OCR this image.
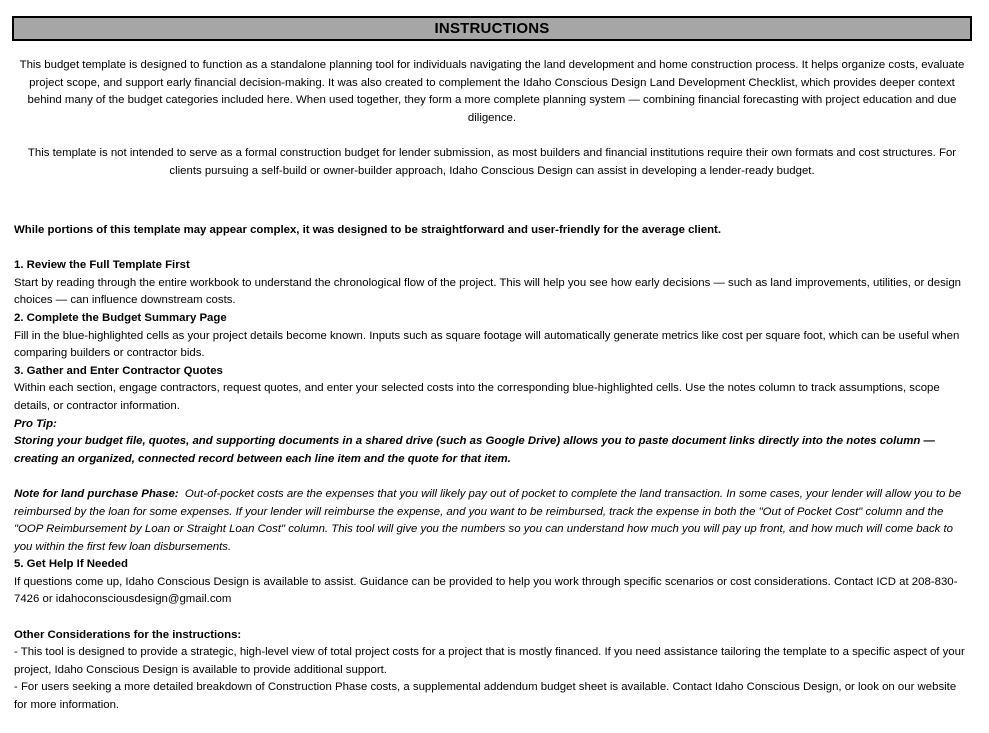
INSTRUCTIONS
This budget template is designed to function as a standalone planning tool for individuals navigating the land development and home construction process. It helps organize costs, evaluate project scope, and support early financial decision-making. It was also created to complement the Idaho Conscious Design Land Development Checklist, which provides deeper context behind many of the budget categories included here. When used together, they form a more complete planning system — combining financial forecasting with project education and due diligence.
This template is not intended to serve as a formal construction budget for lender submission, as most builders and financial institutions require their own formats and cost structures. For clients pursuing a self-build or owner-builder approach, Idaho Conscious Design can assist in developing a lender-ready budget.

While portions of this template may appear complex, it was designed to be straightforward and user-friendly for the average client.

1. Review the Full Template First

Start by reading through the entire workbook to understand the chronological flow of the project. This will help you see how early decisions — such as land improvements, utilities, or design choices — can influence downstream costs.

2. Complete the Budget Summary Page

Fill in the blue-highlighted cells as your project details become known. Inputs such as square footage will automatically generate metrics like cost per square foot, which can be useful when comparing builders or contractor bids.

3. Gather and Enter Contractor Quotes

Within each section, engage contractors, request quotes, and enter your selected costs into the corresponding blue-highlighted cells. Use the notes column to track assumptions, scope details, or contractor information.

Pro Tip:

Storing your budget file, quotes, and supporting documents in a shared drive (such as Google Drive) allows you to paste document links directly into the notes column — creating an organized, connected record between each line item and the quote for that item.

Note for land purchase Phase: Out-of-pocket costs are the expenses that you will likely pay out of pocket to complete the land transaction. In some cases, your lender will allow you to be reimbursed by the loan for some expenses. If your lender will reimburse the expense, and you want to be reimbursed, track the expense in both the "Out of Pocket Cost" column and the "OOP Reimbursement by Loan or Straight Loan Cost" column. This tool will give you the numbers so you can understand how much you will pay up front, and how much will come back to you within the first few loan disbursements.

5. Get Help If Needed

If questions come up, Idaho Conscious Design is available to assist. Guidance can be provided to help you work through specific scenarios or cost considerations. Contact ICD at 208-830-7426 or idahoconsciousdesign@gmail.com

Other Considerations for the instructions:

- This tool is designed to provide a strategic, high-level view of total project costs for a project that is mostly financed. If you need assistance tailoring the template to a specific aspect of your project, Idaho Conscious Design is available to provide additional support.

- For users seeking a more detailed breakdown of Construction Phase costs, a supplemental addendum budget sheet is available. Contact Idaho Conscious Design, or look on our website for more information.
